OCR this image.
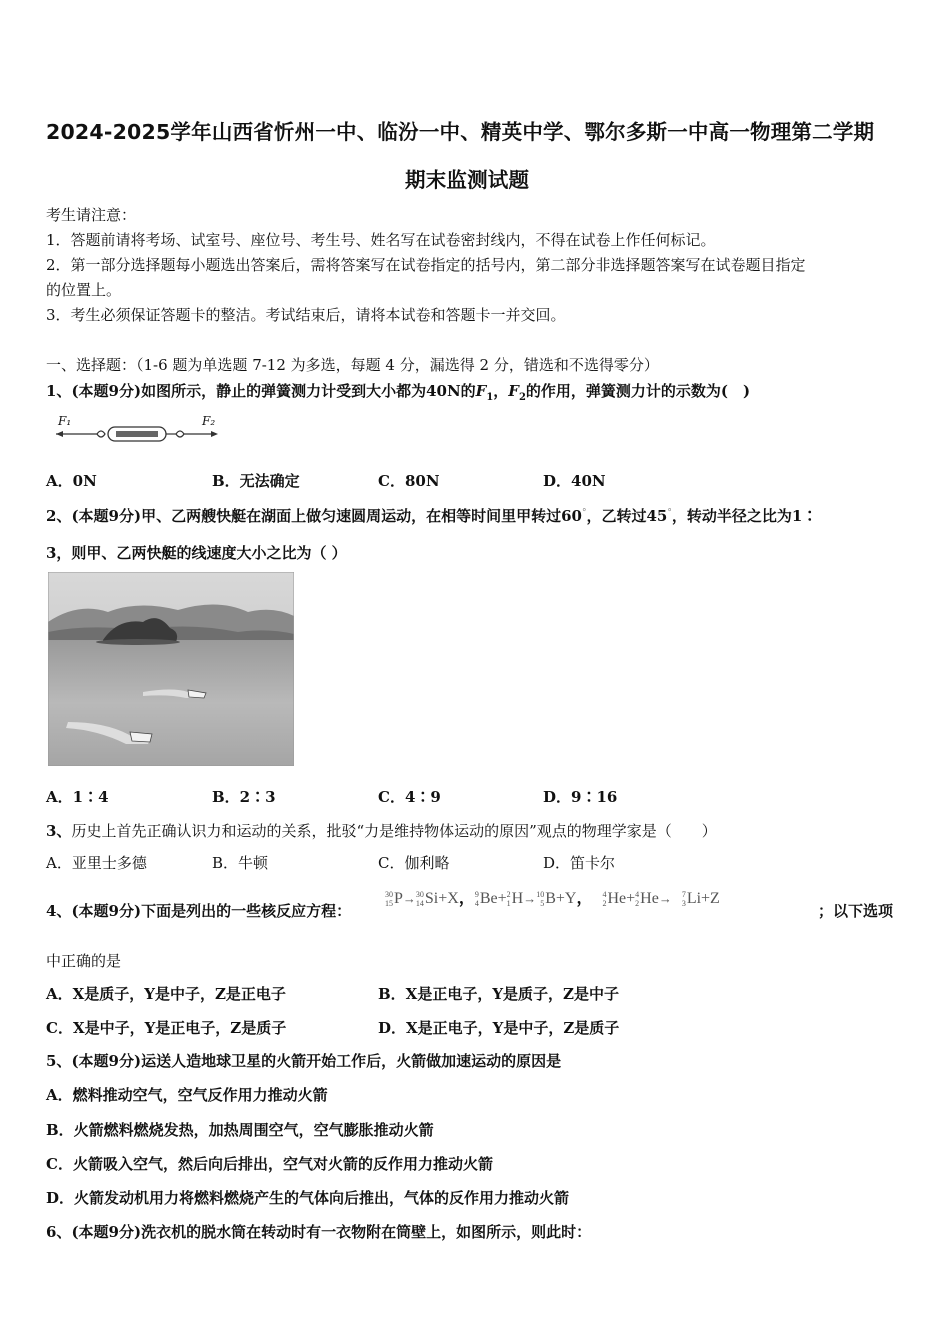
2024-2025学年山西省忻州一中、临汾一中、精英中学、鄂尔多斯一中高一物理第二学期
期末监测试题
考生请注意：
1．答题前请将考场、试室号、座位号、考生号、姓名写在试卷密封线内，不得在试卷上作任何标记。
2．第一部分选择题每小题选出答案后，需将答案写在试卷指定的括号内，第二部分非选择题答案写在试卷题目指定
的位置上。
3．考生必须保证答题卡的整洁。考试结束后，请将本试卷和答题卡一并交回。
一、选择题：（1-6 题为单选题 7-12 为多选，每题 4 分，漏选得 2 分，错选和不选得零分）
1、(本题9分)如图所示，静止的弹簧测力计受到大小都为40N的$F_1$，$F_2$的作用，弹簧测力计的示数为(　)
F₁	F₂
A．0N	B．无法确定	C．80N	D．40N
2、(本题9分)甲、乙两艘快艇在湖面上做匀速圆周运动，在相等时间里甲转过60°，乙转过45°，转动半径之比为1∶
3，则甲、乙两快艇的线速度大小之比为（ ）
A．1∶4	B．2∶3	C．4∶9	D．9∶16
3、历史上首先正确认识力和运动的关系，批驳“力是维持物体运动的原因”观点的物理学家是（　　）
A．亚里士多德	B．牛顿	C．伽利略	D．笛卡尔
4、(本题9分)下面是列出的一些核反应方程：
30
15 P→ 30
14 Si+X， 9
4 Be+ 2
1 H→ 10
5 B+Y， 4
2 He+ 4
2 He→ 7
3 Li+Z
；以下选项
中正确的是
A．X是质子，Y是中子，Z是正电子	B．X是正电子，Y是质子，Z是中子
C．X是中子，Y是正电子，Z是质子	D．X是正电子，Y是中子，Z是质子
5、(本题9分)运送人造地球卫星的火箭开始工作后，火箭做加速运动的原因是
A．燃料推动空气，空气反作用力推动火箭
B．火箭燃料燃烧发热，加热周围空气，空气膨胀推动火箭
C．火箭吸入空气，然后向后排出，空气对火箭的反作用力推动火箭
D．火箭发动机用力将燃料燃烧产生的气体向后推出，气体的反作用力推动火箭
6、(本题9分)洗衣机的脱水筒在转动时有一衣物附在筒壁上，如图所示，则此时：
